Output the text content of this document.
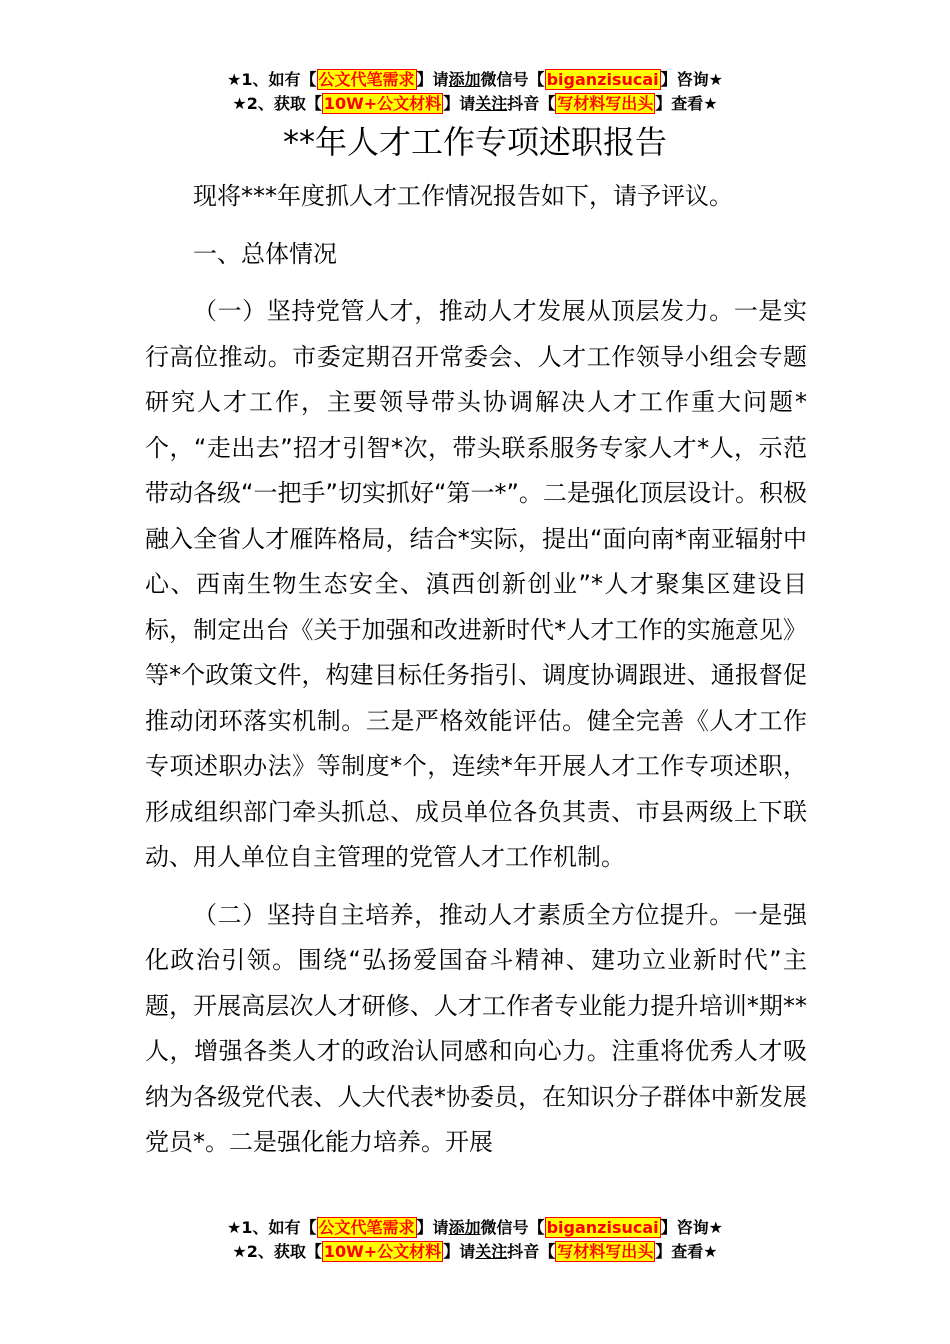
★1、如有【 公文代笔需求 】请添加微信号【 biganzisucai 】咨询★
★2、获取【 10W+公文材料 】请关注抖音【 写材料写出头 】查看★
**年人才工作专项述职报告

现将***年度抓人才工作情况报告如下，请予评议。

一、总体情况

（一）坚持党管人才，推动人才发展从顶层发力。一是实行高位推动。市委定期召开常委会、人才工作领导小组会专题研究人才工作，主要领导带头协调解决人才工作重大问题*个，“走出去”招才引智*次，带头联系服务专家人才*人，示范带动各级“一把手”切实抓好“第一*”。二是强化顶层设计。积极融入全省人才雁阵格局，结合*实际，提出“面向南*南亚辐射中心、西南生物生态安全、滇西创新创业”*人才聚集区建设目标，制定出台《关于加强和改进新时代*人才工作的实施意见》等*个政策文件，构建目标任务指引、调度协调跟进、通报督促推动闭环落实机制。三是严格效能评估。健全完善《人才工作专项述职办法》等制度*个，连续*年开展人才工作专项述职，形成组织部门牵头抓总、成员单位各负其责、市县两级上下联动、用人单位自主管理的党管人才工作机制。

（二）坚持自主培养，推动人才素质全方位提升。一是强化政治引领。围绕“弘扬爱国奋斗精神、建功立业新时代”主题，开展高层次人才研修、人才工作者专业能力提升培训*期**人，增强各类人才的政治认同感和向心力。注重将优秀人才吸纳为各级党代表、人大代表*协委员，在知识分子群体中新发展党员*。二是强化能力培养。开展

★1、如有【 公文代笔需求 】请添加微信号【 biganzisucai 】咨询★
★2、获取【 10W+公文材料 】请关注抖音【 写材料写出头 】查看★
